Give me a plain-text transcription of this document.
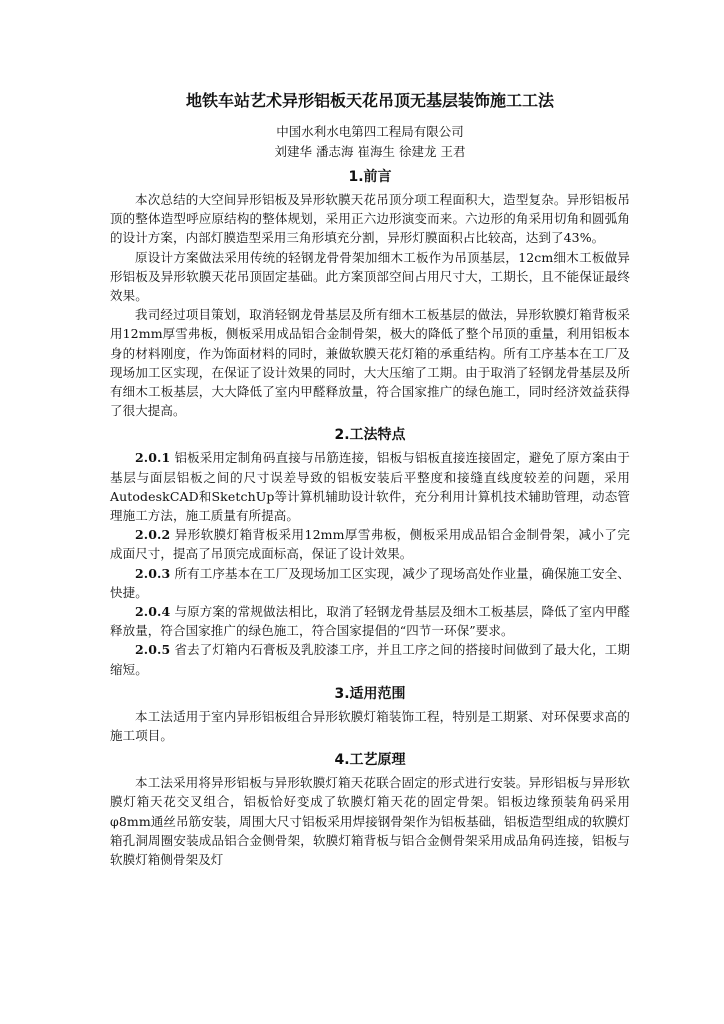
地铁车站艺术异形铝板天花吊顶无基层装饰施工工法

中国水利水电第四工程局有限公司

刘建华 潘志海 崔海生 徐建龙 王君

1.前言

本次总结的大空间异形铝板及异形软膜天花吊顶分项工程面积大，造型复杂。异形铝板吊顶的整体造型呼应原结构的整体规划，采用正六边形演变而来。六边形的角采用切角和圆弧角的设计方案，内部灯膜造型采用三角形填充分割，异形灯膜面积占比较高，达到了43%。

原设计方案做法采用传统的轻钢龙骨骨架加细木工板作为吊顶基层，12cm细木工板做异形铝板及异形软膜天花吊顶固定基础。此方案顶部空间占用尺寸大，工期长，且不能保证最终效果。

我司经过项目策划，取消轻钢龙骨基层及所有细木工板基层的做法，异形软膜灯箱背板采用12mm厚雪弗板，侧板采用成品铝合金制骨架，极大的降低了整个吊顶的重量，利用铝板本身的材料刚度，作为饰面材料的同时，兼做软膜天花灯箱的承重结构。所有工序基本在工厂及现场加工区实现，在保证了设计效果的同时，大大压缩了工期。由于取消了轻钢龙骨基层及所有细木工板基层，大大降低了室内甲醛释放量，符合国家推广的绿色施工，同时经济效益获得了很大提高。

2.工法特点

2.0.1 铝板采用定制角码直接与吊筋连接，铝板与铝板直接连接固定，避免了原方案由于基层与面层铝板之间的尺寸误差导致的铝板安装后平整度和接缝直线度较差的问题，采用AutodeskCAD和SketchUp等计算机辅助设计软件，充分利用计算机技术辅助管理，动态管理施工方法，施工质量有所提高。

2.0.2 异形软膜灯箱背板采用12mm厚雪弗板，侧板采用成品铝合金制骨架，减小了完成面尺寸，提高了吊顶完成面标高，保证了设计效果。

2.0.3 所有工序基本在工厂及现场加工区实现，减少了现场高处作业量，确保施工安全、快捷。

2.0.4 与原方案的常规做法相比，取消了轻钢龙骨基层及细木工板基层，降低了室内甲醛释放量，符合国家推广的绿色施工，符合国家提倡的“四节一环保”要求。

2.0.5 省去了灯箱内石膏板及乳胶漆工序，并且工序之间的搭接时间做到了最大化，工期缩短。

3.适用范围

本工法适用于室内异形铝板组合异形软膜灯箱装饰工程，特别是工期紧、对环保要求高的施工项目。

4.工艺原理

本工法采用将异形铝板与异形软膜灯箱天花联合固定的形式进行安装。异形铝板与异形软膜灯箱天花交叉组合，铝板恰好变成了软膜灯箱天花的固定骨架。铝板边缘预装角码采用φ8mm通丝吊筋安装，周围大尺寸铝板采用焊接钢骨架作为铝板基础，铝板造型组成的软膜灯箱孔洞周圈安装成品铝合金侧骨架，软膜灯箱背板与铝合金侧骨架采用成品角码连接，铝板与软膜灯箱侧骨架及灯
